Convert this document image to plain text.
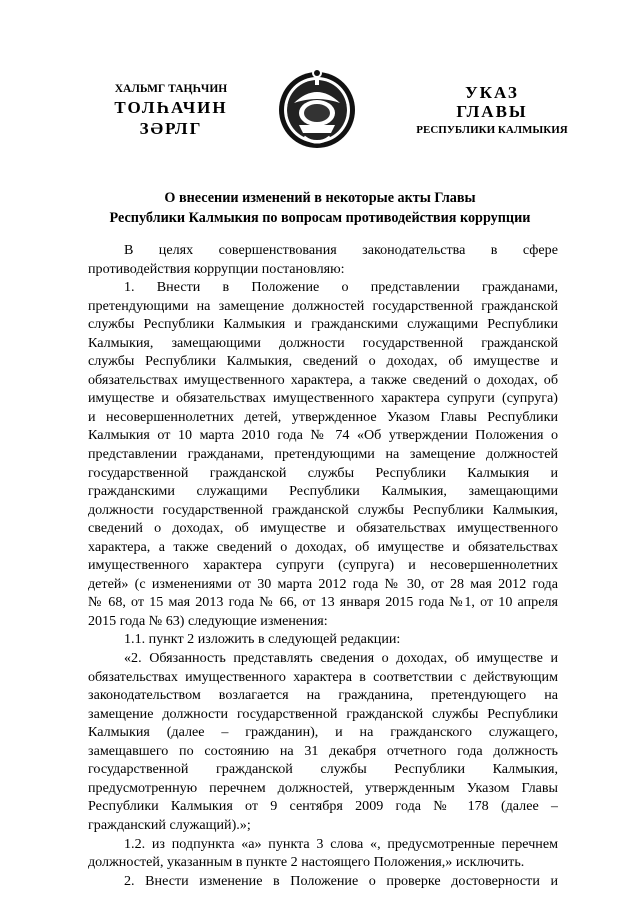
ХАЛЬМГ ТАҢҺЧИН
ТОЛҺАЧИН
ЗӘРЛГ
УКАЗ
ГЛАВЫ
РЕСПУБЛИКИ КАЛМЫКИЯ
О внесении изменений в некоторые акты Главы
Республики Калмыкия по вопросам противодействия коррупции
В целях совершенствования законодательства в сфере
противодействия коррупции постановляю:
1. Внести в Положение о представлении гражданами,
претендующими на замещение должностей государственной гражданской
службы Республики Калмыкия и гражданскими служащими Республики
Калмыкия, замещающими должности государственной гражданской
службы Республики Калмыкия, сведений о доходах, об имуществе и
обязательствах имущественного характера, а также сведений о доходах, об
имуществе и обязательствах имущественного характера супруги (супруга)
и несовершеннолетних детей, утвержденное Указом Главы Республики
Калмыкия от 10 марта 2010 года № 74 «Об утверждении Положения о
представлении гражданами, претендующими на замещение должностей
государственной гражданской службы Республики Калмыкия и
гражданскими служащими Республики Калмыкия, замещающими
должности государственной гражданской службы Республики Калмыкия,
сведений о доходах, об имуществе и обязательствах имущественного
характера, а также сведений о доходах, об имуществе и обязательствах
имущественного характера супруги (супруга) и несовершеннолетних
детей» (с изменениями от 30 марта 2012 года № 30, от 28 мая 2012 года
№ 68, от 15 мая 2013 года № 66, от 13 января 2015 года №1, от 10 апреля
2015 года № 63) следующие изменения:
1.1. пункт 2 изложить в следующей редакции:
«2. Обязанность представлять сведения о доходах, об имуществе и
обязательствах имущественного характера в соответствии с действующим
законодательством возлагается на гражданина, претендующего на
замещение должности государственной гражданской службы Республики
Калмыкия (далее – гражданин), и на гражданского служащего,
замещавшего по состоянию на 31 декабря отчетного года должность
государственной гражданской службы Республики Калмыкия,
предусмотренную перечнем должностей, утвержденным Указом Главы
Республики Калмыкия от 9 сентября 2009 года № 178 (далее –
гражданский служащий).»;
1.2. из подпункта «а» пункта 3 слова «, предусмотренные перечнем
должностей, указанным в пункте 2 настоящего Положения,» исключить.
2. Внести изменение в Положение о проверке достоверности и
